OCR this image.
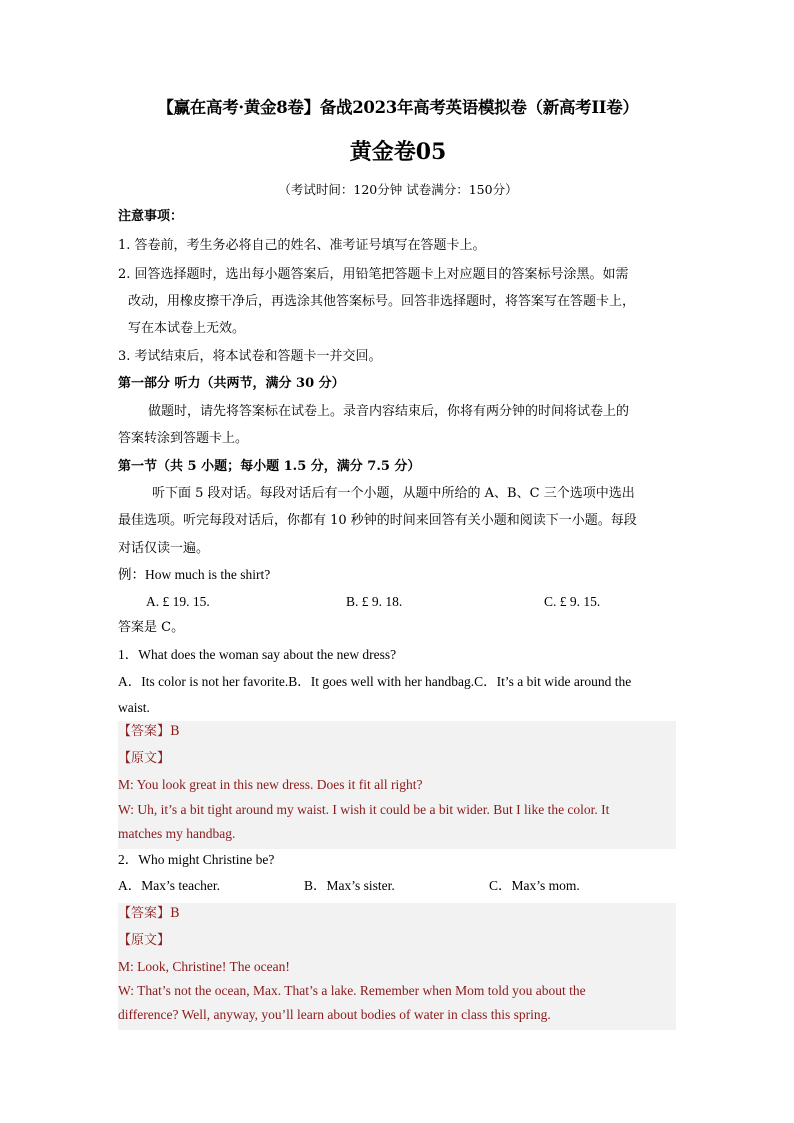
【赢在高考·黄金8卷】备战2023年高考英语模拟卷（新高考II卷）
黄金卷05
（考试时间：120分钟 试卷满分：150分）
注意事项：
1. 答卷前，考生务必将自己的姓名、准考证号填写在答题卡上。
2. 回答选择题时，选出每小题答案后，用铅笔把答题卡上对应题目的答案标号涂黑。如需
改动，用橡皮擦干净后，再选涂其他答案标号。回答非选择题时，将答案写在答题卡上，
写在本试卷上无效。
3. 考试结束后，将本试卷和答题卡一并交回。
第一部分 听力（共两节，满分 30 分）
做题时，请先将答案标在试卷上。录音内容结束后，你将有两分钟的时间将试卷上的
答案转涂到答题卡上。
第一节（共 5 小题；每小题 1.5 分，满分 7.5 分）
听下面 5 段对话。每段对话后有一个小题，从题中所给的 A、B、C 三个选项中选出
最佳选项。听完每段对话后，你都有 10 秒钟的时间来回答有关小题和阅读下一小题。每段
对话仅读一遍。
例：How much is the shirt?
A. £ 19. 15.	B. £ 9. 18.	C. £ 9. 15.
答案是 C。
1．What does the woman say about the new dress?
A．Its color is not her favorite.B．It goes well with her handbag.C．It’s a bit wide around the
waist.
【答案】B
【原文】
M: You look great in this new dress. Does it fit all right?
W: Uh, it’s a bit tight around my waist. I wish it could be a bit wider. But I like the color. It
matches my handbag.
2．Who might Christine be?
A．Max’s teacher.	B．Max’s sister.	C．Max’s mom.
【答案】B
【原文】
M: Look, Christine! The ocean!
W: That’s not the ocean, Max. That’s a lake. Remember when Mom told you about the
difference? Well, anyway, you’ll learn about bodies of water in class this spring.
